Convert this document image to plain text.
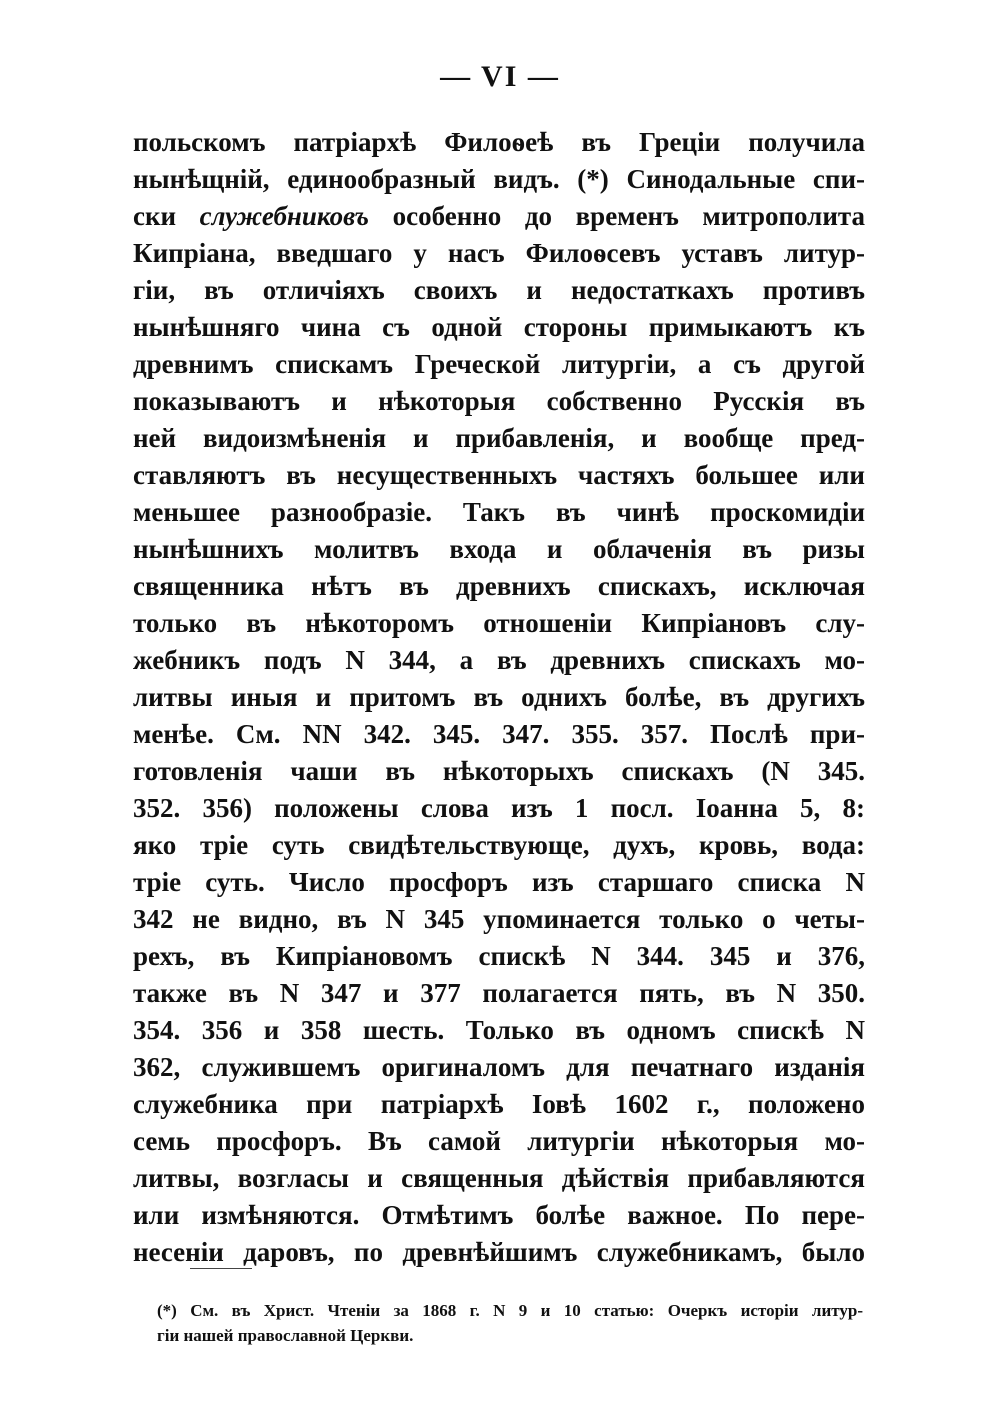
— VI —
польскомъ патріархѣ Филоѳеѣ въ Греціи получила
нынѣщній, единообразный видъ. (*) Синодальные спи-
ски служебниковъ особенно до временъ митрополита
Кипріана, введшаго у насъ Филоѳсевъ уставъ литур-
гіи, въ отличіяхъ своихъ и недостаткахъ противъ
нынѣшняго чина съ одной стороны примыкаютъ къ
древнимъ спискамъ Греческой литургіи, а съ другой
показываютъ и нѣкоторыя собственно Русскія въ
ней видоизмѣненія и прибавленія, и вообще пред-
ставляютъ въ несущественныхъ частяхъ большее или
меньшее разнообразіе. Такъ въ чинѣ проскомидіи
нынѣшнихъ молитвъ входа и облаченія въ ризы
священника нѣтъ въ древнихъ спискахъ, исключая
только въ нѣкоторомъ отношеніи Кипріановъ слу-
жебникъ подъ N 344, а въ древнихъ спискахъ мо-
литвы иныя и притомъ въ однихъ болѣе, въ другихъ
менѣе. См. NN 342. 345. 347. 355. 357. Послѣ при-
готовленія чаши въ нѣкоторыхъ спискахъ (N 345.
352. 356) положены слова изъ 1 посл. Іоанна 5, 8:
яко тріе суть свидѣтельствующе, духъ, кровь, вода:
тріе суть. Число просфоръ изъ старшаго списка N
342 не видно, въ N 345 упоминается только о четы-
рехъ, въ Кипріановомъ спискѣ N 344. 345 и 376,
также въ N 347 и 377 полагается пять, въ N 350.
354. 356 и 358 шесть. Только въ одномъ спискѣ N
362, служившемъ оригиналомъ для печатнаго изданія
служебника при патріархѣ Іовѣ 1602 г., положено
семь просфоръ. Въ самой литургіи нѣкоторыя мо-
литвы, возгласы и священныя дѣйствія прибавляются
или измѣняются. Отмѣтимъ болѣе важное. По пере-
несеніи даровъ, по древнѣйшимъ служебникамъ, было
(*) См. въ Христ. Чтеніи за 1868 г. N 9 и 10 статью: Очеркъ исторіи литур-
гіи нашей православной Церкви.
